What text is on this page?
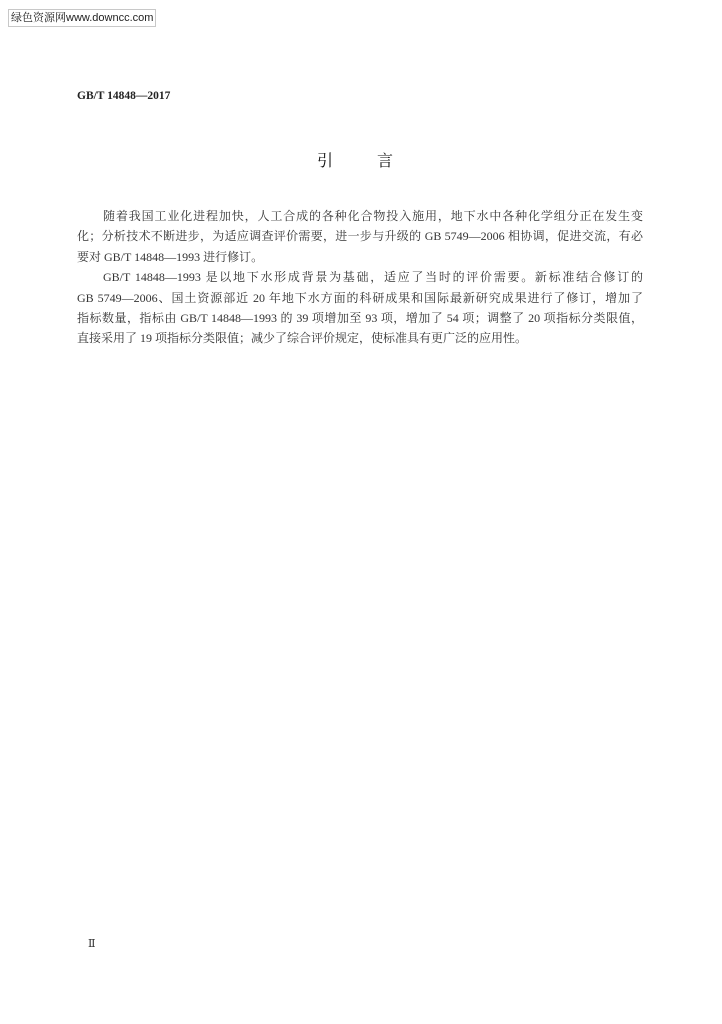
绿色资源网www.downcc.com
GB/T 14848—2017
引　　言
随着我国工业化进程加快，人工合成的各种化合物投入施用，地下水中各种化学组分正在发生变
化；分析技术不断进步，为适应调查评价需要，进一步与升级的 GB 5749—2006 相协调，促进交流，有必
要对 GB/T 14848—1993 进行修订。
GB/T 14848—1993 是以地下水形成背景为基础，适应了当时的评价需要。新标准结合修订的
GB 5749—2006、国土资源部近 20 年地下水方面的科研成果和国际最新研究成果进行了修订，增加了
指标数量，指标由 GB/T 14848—1993 的 39 项增加至 93 项，增加了 54 项；调整了 20 项指标分类限值，
直接采用了 19 项指标分类限值；减少了综合评价规定，使标准具有更广泛的应用性。
Ⅱ
